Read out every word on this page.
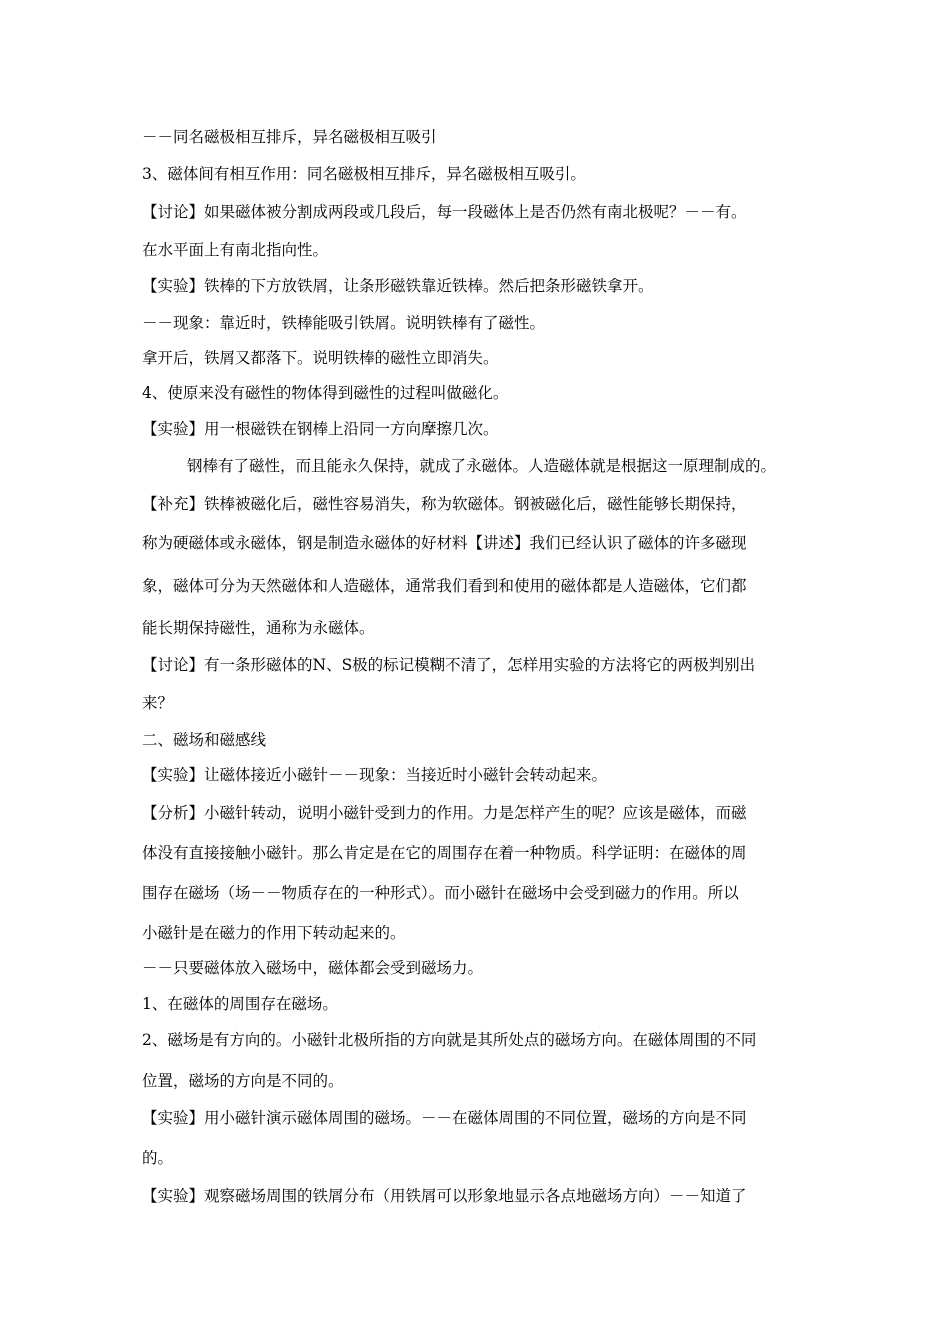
－－同名磁极相互排斥，异名磁极相互吸引
3、磁体间有相互作用：同名磁极相互排斥，异名磁极相互吸引。
【讨论】如果磁体被分割成两段或几段后，每一段磁体上是否仍然有南北极呢？－－有。
在水平面上有南北指向性。
【实验】铁棒的下方放铁屑，让条形磁铁靠近铁棒。然后把条形磁铁拿开。
－－现象：靠近时，铁棒能吸引铁屑。说明铁棒有了磁性。
拿开后，铁屑又都落下。说明铁棒的磁性立即消失。
4、使原来没有磁性的物体得到磁性的过程叫做磁化。
【实验】用一根磁铁在钢棒上沿同一方向摩擦几次。
钢棒有了磁性，而且能永久保持，就成了永磁体。人造磁体就是根据这一原理制成的。
【补充】铁棒被磁化后，磁性容易消失，称为软磁体。钢被磁化后，磁性能够长期保持，
称为硬磁体或永磁体，钢是制造永磁体的好材料【讲述】我们已经认识了磁体的许多磁现
象，磁体可分为天然磁体和人造磁体，通常我们看到和使用的磁体都是人造磁体，它们都
能长期保持磁性，通称为永磁体。
【讨论】有一条形磁体的N、S极的标记模糊不清了，怎样用实验的方法将它的两极判别出
来？
二、磁场和磁感线
【实验】让磁体接近小磁针－－现象：当接近时小磁针会转动起来。
【分析】小磁针转动，说明小磁针受到力的作用。力是怎样产生的呢？应该是磁体，而磁
体没有直接接触小磁针。那么肯定是在它的周围存在着一种物质。科学证明：在磁体的周
围存在磁场（场－－物质存在的一种形式）。而小磁针在磁场中会受到磁力的作用。所以
小磁针是在磁力的作用下转动起来的。
－－只要磁体放入磁场中，磁体都会受到磁场力。
1、在磁体的周围存在磁场。
2、磁场是有方向的。小磁针北极所指的方向就是其所处点的磁场方向。在磁体周围的不同
位置，磁场的方向是不同的。
【实验】用小磁针演示磁体周围的磁场。－－在磁体周围的不同位置，磁场的方向是不同
的。
【实验】观察磁场周围的铁屑分布（用铁屑可以形象地显示各点地磁场方向）－－知道了
